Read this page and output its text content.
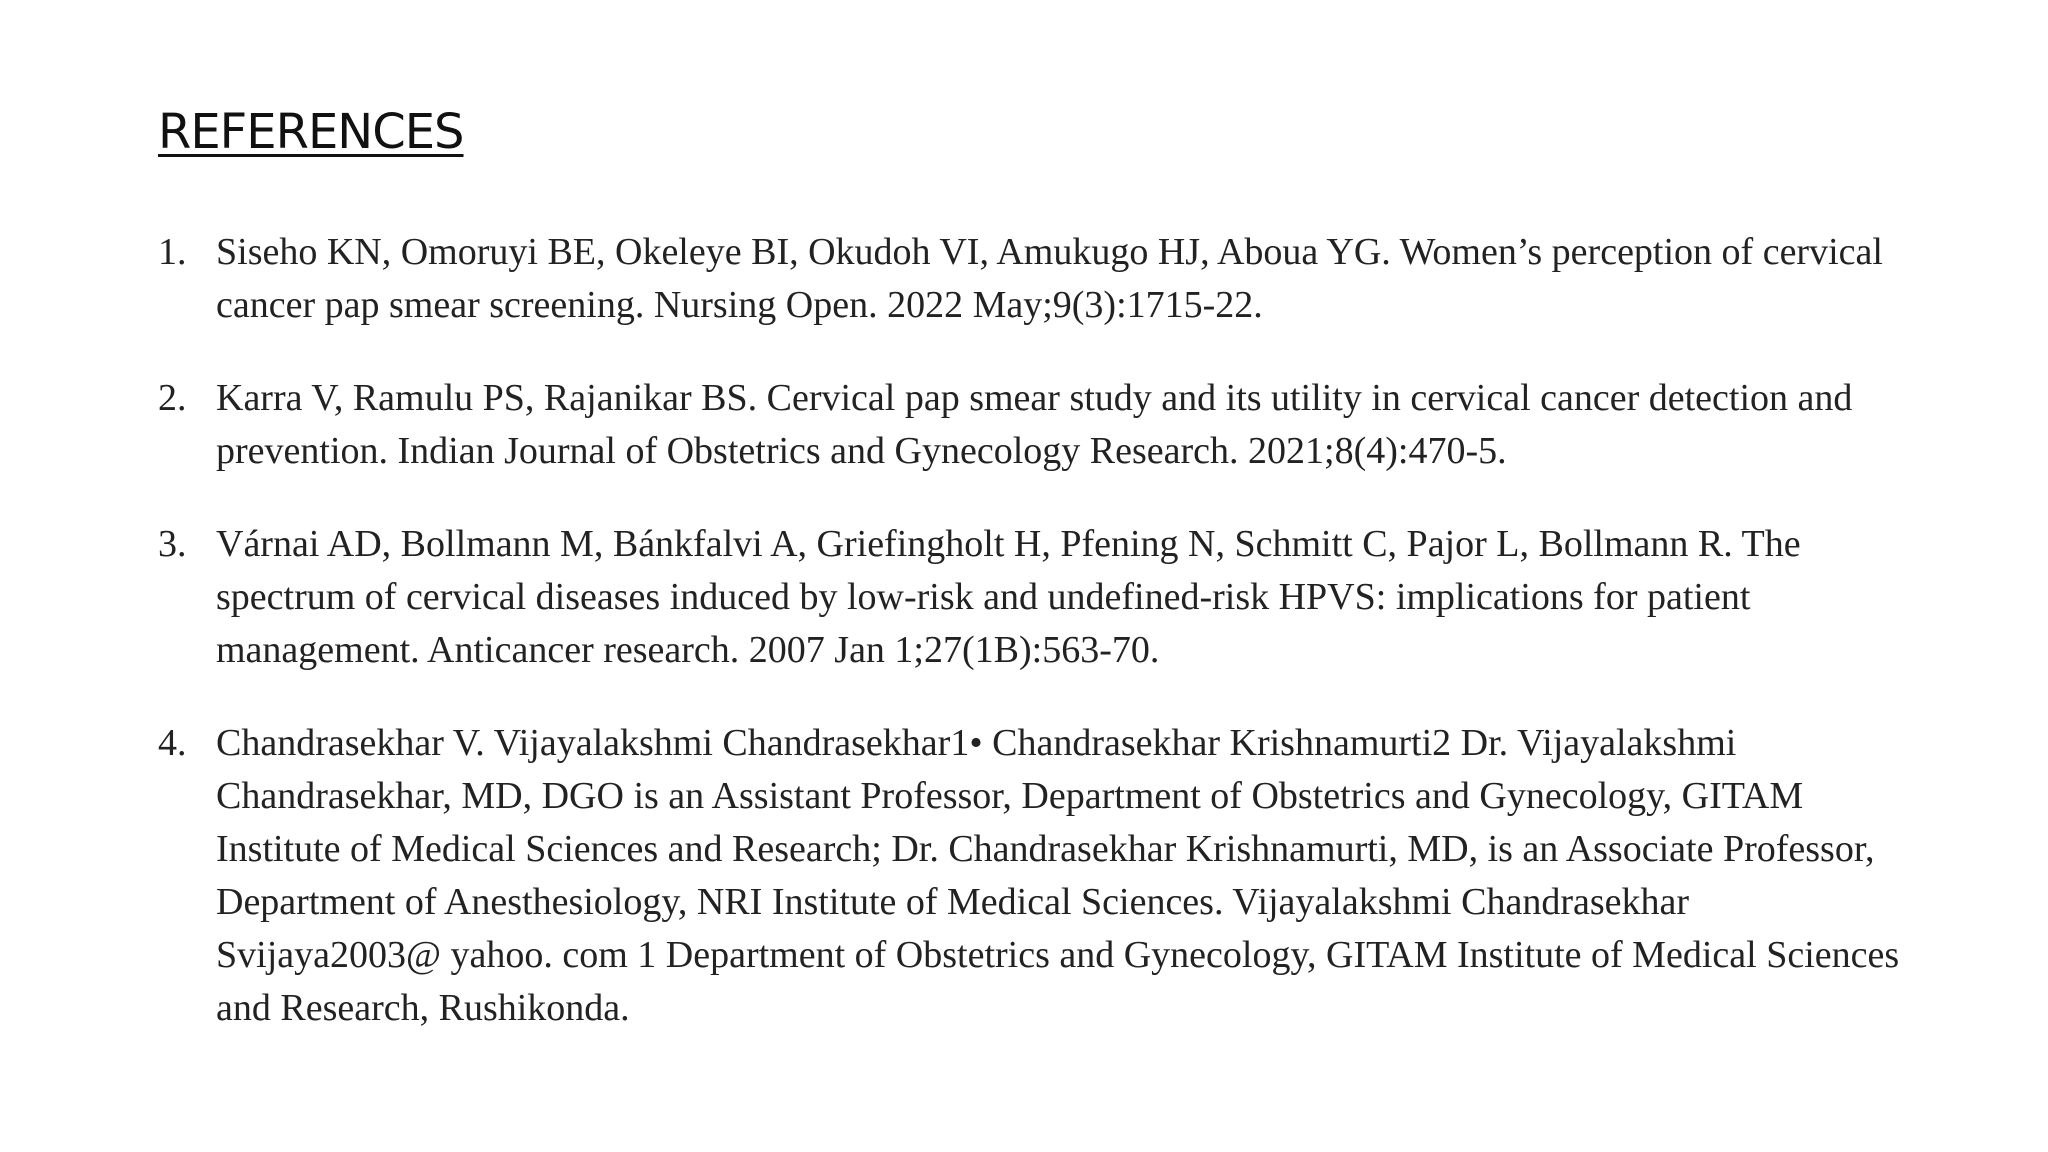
REFERENCES
1. Siseho KN, Omoruyi BE, Okeleye BI, Okudoh VI, Amukugo HJ, Aboua YG. Women’s perception of cervical cancer pap smear screening. Nursing Open. 2022 May;9(3):1715-22.
2. Karra V, Ramulu PS, Rajanikar BS. Cervical pap smear study and its utility in cervical cancer detection and prevention. Indian Journal of Obstetrics and Gynecology Research. 2021;8(4):470-5.
3. Várnai AD, Bollmann M, Bánkfalvi A, Griefingholt H, Pfening N, Schmitt C, Pajor L, Bollmann R. The spectrum of cervical diseases induced by low-risk and undefined-risk HPVS: implications for patient management. Anticancer research. 2007 Jan 1;27(1B):563-70.
4. Chandrasekhar V. Vijayalakshmi Chandrasekhar1• Chandrasekhar Krishnamurti2 Dr. Vijayalakshmi Chandrasekhar, MD, DGO is an Assistant Professor, Department of Obstetrics and Gynecology, GITAM Institute of Medical Sciences and Research; Dr. Chandrasekhar Krishnamurti, MD, is an Associate Professor, Department of Anesthesiology, NRI Institute of Medical Sciences. Vijayalakshmi Chandrasekhar Svijaya2003@ yahoo. com 1 Department of Obstetrics and Gynecology, GITAM Institute of Medical Sciences and Research, Rushikonda.
